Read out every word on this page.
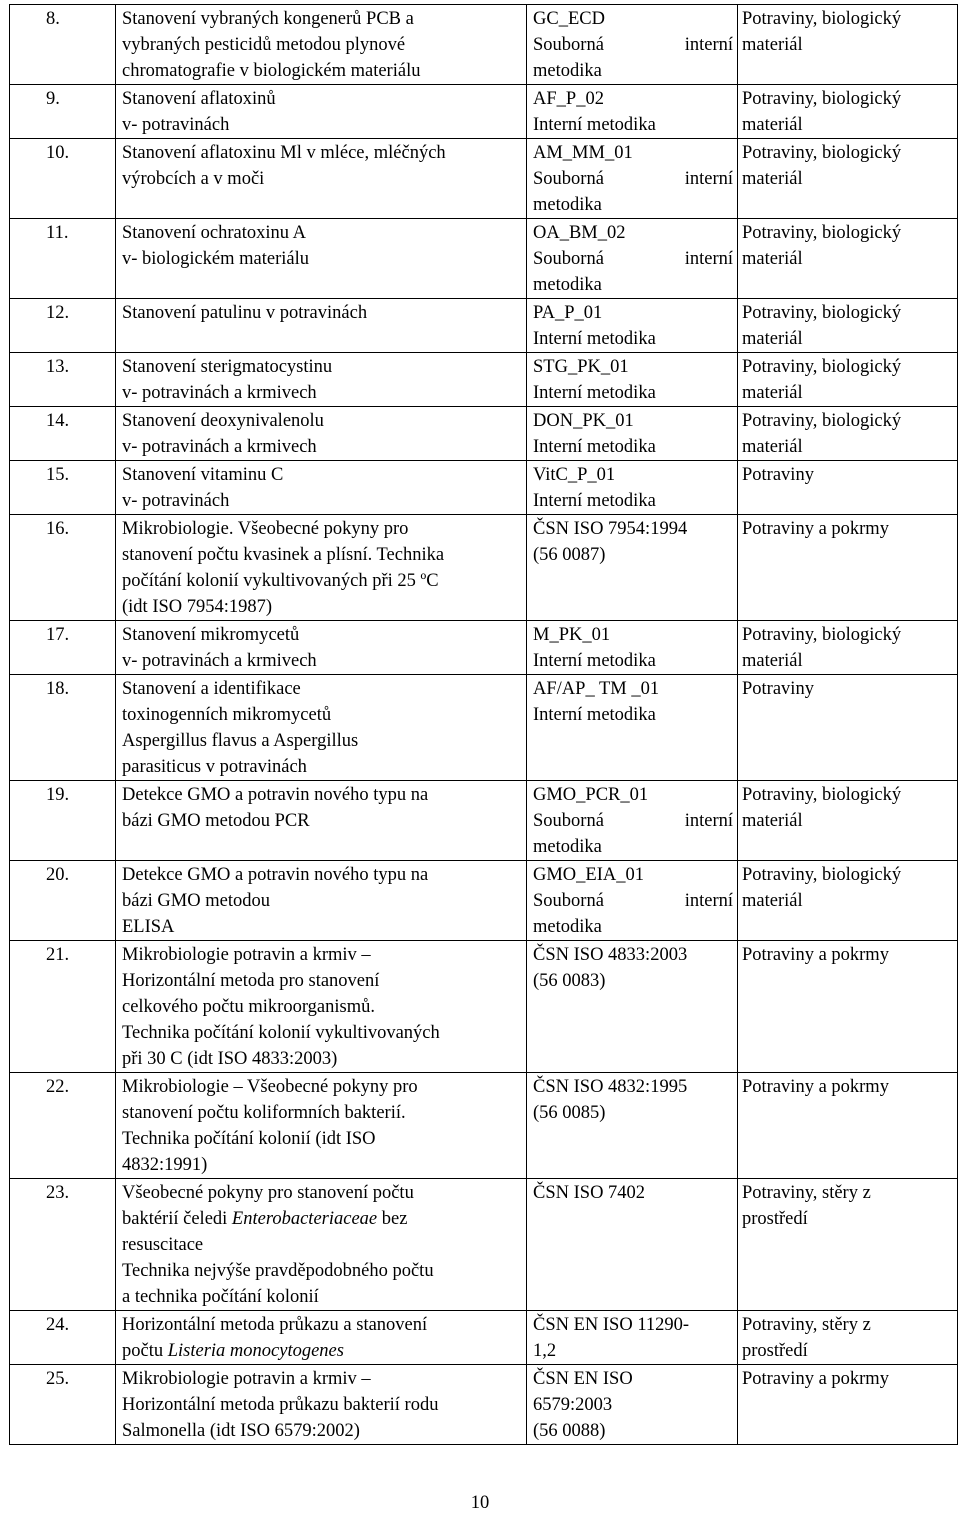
8.	Stanovení vybraných kongenerů PCB a
vybraných pesticidů metodou plynové
chromatografie v biologickém materiálu	GC_ECD
Souborná interní
metodika	Potraviny, biologický
materiál
9.	Stanovení aflatoxinů
v- potravinách	AF_P_02
Interní metodika	Potraviny, biologický
materiál
10.	Stanovení aflatoxinu Ml v mléce, mléčných
výrobcích a v moči	AM_MM_01
Souborná interní
metodika	Potraviny, biologický
materiál
11.	Stanovení ochratoxinu A
v- biologickém materiálu	OA_BM_02
Souborná interní
metodika	Potraviny, biologický
materiál
12.	Stanovení patulinu v potravinách	PA_P_01
Interní metodika	Potraviny, biologický
materiál
13.	Stanovení sterigmatocystinu
v- potravinách a krmivech	STG_PK_01
Interní metodika	Potraviny, biologický
materiál
14.	Stanovení deoxynivalenolu
v- potravinách a krmivech	DON_PK_01
Interní metodika	Potraviny, biologický
materiál
15.	Stanovení vitaminu C
v- potravinách	VitC_P_01
Interní metodika	Potraviny
16.	Mikrobiologie. Všeobecné pokyny pro
stanovení počtu kvasinek a plísní. Technika
počítání kolonií vykultivovaných při 25 ºC
(idt ISO 7954:1987)	ČSN ISO 7954:1994
(56 0087)	Potraviny a pokrmy
17.	Stanovení mikromycetů
v- potravinách a krmivech	M_PK_01
Interní metodika	Potraviny, biologický
materiál
18.	Stanovení a identifikace
toxinogenních mikromycetů
Aspergillus flavus a Aspergillus
parasiticus v potravinách	AF/AP_ TM _01
Interní metodika	Potraviny
19.	Detekce GMO a potravin nového typu na
bázi GMO metodou PCR	GMO_PCR_01
Souborná interní
metodika	Potraviny, biologický
materiál
20.	Detekce GMO a potravin nového typu na
bázi GMO metodou
ELISA	GMO_EIA_01
Souborná interní
metodika	Potraviny, biologický
materiál
21.	Mikrobiologie potravin a krmiv –
Horizontální metoda pro stanovení
celkového počtu mikroorganismů.
Technika počítání kolonií vykultivovaných
při 30 C (idt ISO 4833:2003)	ČSN ISO 4833:2003
(56 0083)	Potraviny a pokrmy
22.	Mikrobiologie – Všeobecné pokyny pro
stanovení počtu koliformních bakterií.
Technika počítání kolonií (idt ISO
4832:1991)	ČSN ISO 4832:1995
(56 0085)	Potraviny a pokrmy
23.	Všeobecné pokyny pro stanovení počtu
baktérií čeledi Enterobacteriaceae bez
resuscitace
Technika nejvýše pravděpodobného počtu
a technika počítání kolonií	ČSN ISO 7402	Potraviny, stěry z
prostředí
24.	Horizontální metoda průkazu a stanovení
počtu Listeria monocytogenes	ČSN EN ISO 11290-
1,2	Potraviny, stěry z
prostředí
25.	Mikrobiologie potravin a krmiv –
Horizontální metoda průkazu bakterií rodu
Salmonella (idt ISO 6579:2002)	ČSN EN ISO
6579:2003
(56 0088)	Potraviny a pokrmy
10
